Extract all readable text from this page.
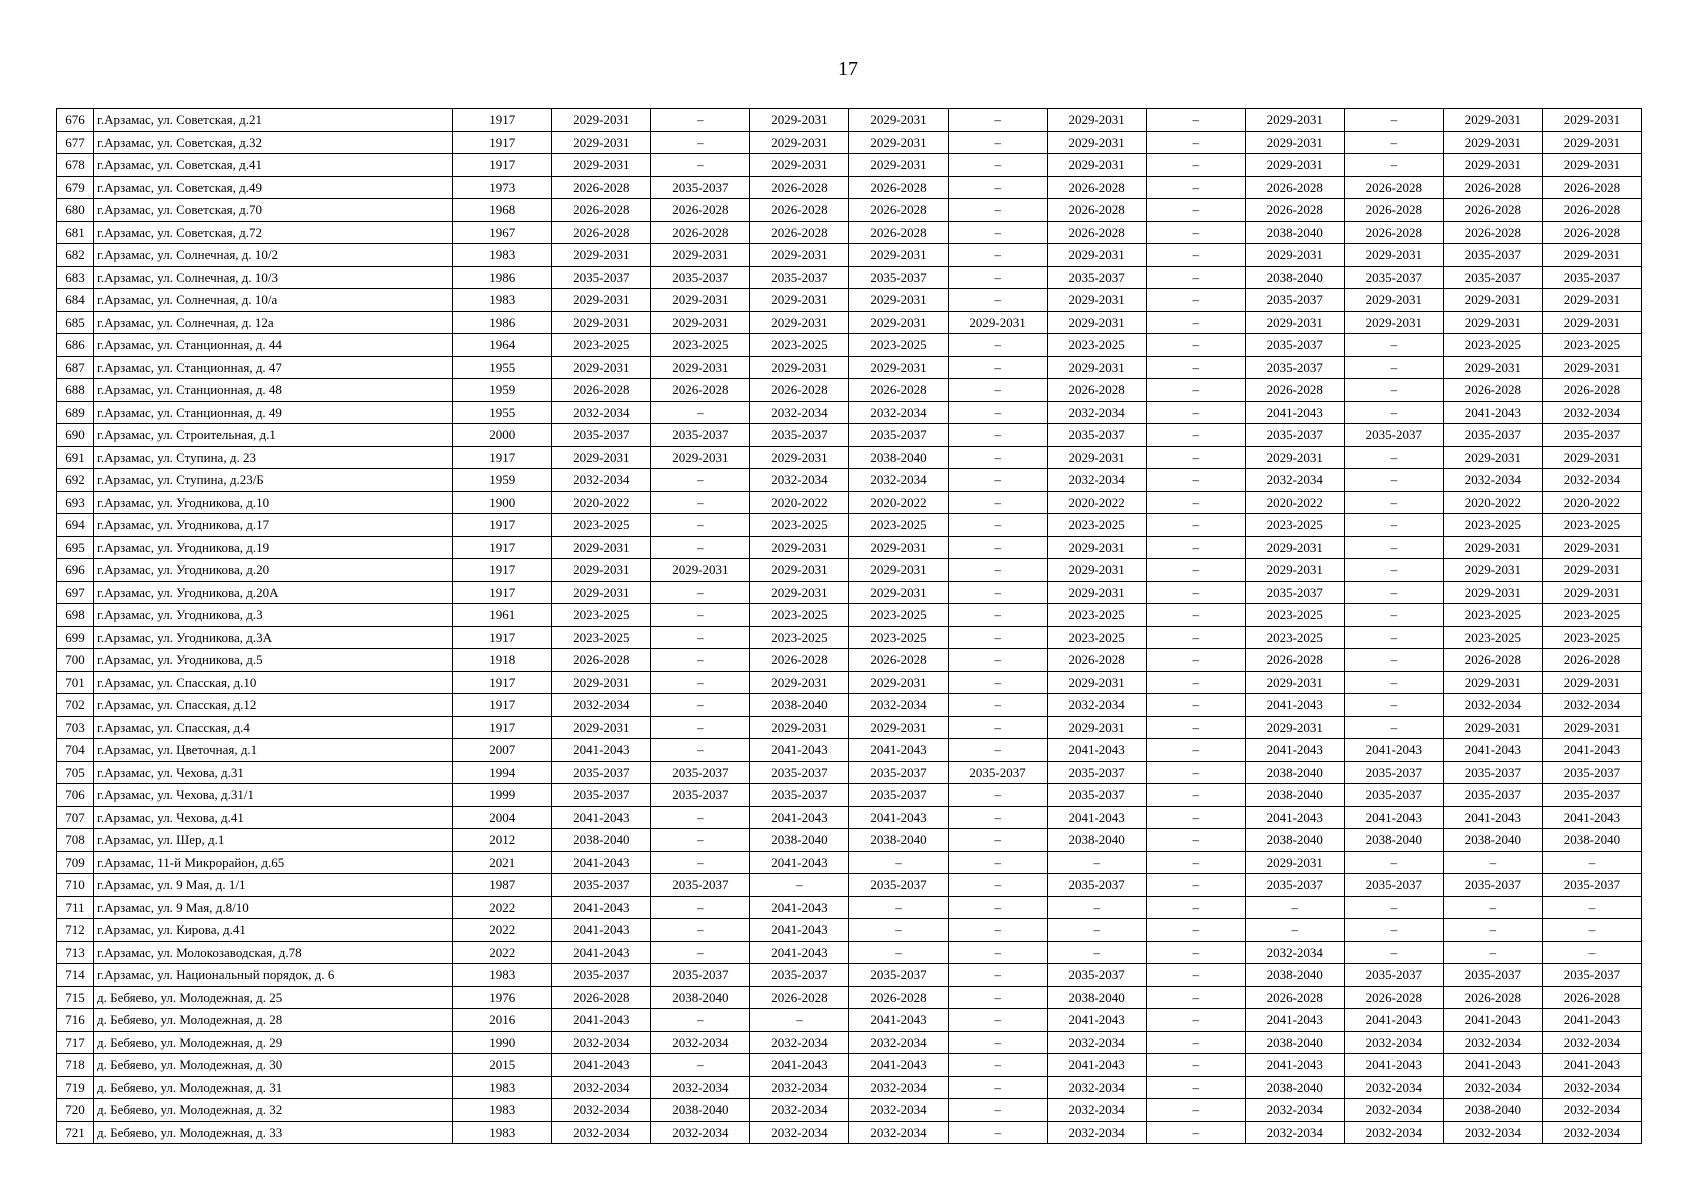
17
676	г.Арзамас, ул. Советская, д.21	1917	2029-2031	–	2029-2031	2029-2031	–	2029-2031	–	2029-2031	–	2029-2031	2029-2031
677	г.Арзамас, ул. Советская, д.32	1917	2029-2031	–	2029-2031	2029-2031	–	2029-2031	–	2029-2031	–	2029-2031	2029-2031
678	г.Арзамас, ул. Советская, д.41	1917	2029-2031	–	2029-2031	2029-2031	–	2029-2031	–	2029-2031	–	2029-2031	2029-2031
679	г.Арзамас, ул. Советская, д.49	1973	2026-2028	2035-2037	2026-2028	2026-2028	–	2026-2028	–	2026-2028	2026-2028	2026-2028	2026-2028
680	г.Арзамас, ул. Советская, д.70	1968	2026-2028	2026-2028	2026-2028	2026-2028	–	2026-2028	–	2026-2028	2026-2028	2026-2028	2026-2028
681	г.Арзамас, ул. Советская, д.72	1967	2026-2028	2026-2028	2026-2028	2026-2028	–	2026-2028	–	2038-2040	2026-2028	2026-2028	2026-2028
682	г.Арзамас, ул. Солнечная, д. 10/2	1983	2029-2031	2029-2031	2029-2031	2029-2031	–	2029-2031	–	2029-2031	2029-2031	2035-2037	2029-2031
683	г.Арзамас, ул. Солнечная, д. 10/3	1986	2035-2037	2035-2037	2035-2037	2035-2037	–	2035-2037	–	2038-2040	2035-2037	2035-2037	2035-2037
684	г.Арзамас, ул. Солнечная, д. 10/а	1983	2029-2031	2029-2031	2029-2031	2029-2031	–	2029-2031	–	2035-2037	2029-2031	2029-2031	2029-2031
685	г.Арзамас, ул. Солнечная, д. 12а	1986	2029-2031	2029-2031	2029-2031	2029-2031	2029-2031	2029-2031	–	2029-2031	2029-2031	2029-2031	2029-2031
686	г.Арзамас, ул. Станционная, д. 44	1964	2023-2025	2023-2025	2023-2025	2023-2025	–	2023-2025	–	2035-2037	–	2023-2025	2023-2025
687	г.Арзамас, ул. Станционная, д. 47	1955	2029-2031	2029-2031	2029-2031	2029-2031	–	2029-2031	–	2035-2037	–	2029-2031	2029-2031
688	г.Арзамас, ул. Станционная, д. 48	1959	2026-2028	2026-2028	2026-2028	2026-2028	–	2026-2028	–	2026-2028	–	2026-2028	2026-2028
689	г.Арзамас, ул. Станционная, д. 49	1955	2032-2034	–	2032-2034	2032-2034	–	2032-2034	–	2041-2043	–	2041-2043	2032-2034
690	г.Арзамас, ул. Строительная, д.1	2000	2035-2037	2035-2037	2035-2037	2035-2037	–	2035-2037	–	2035-2037	2035-2037	2035-2037	2035-2037
691	г.Арзамас, ул. Ступина, д. 23	1917	2029-2031	2029-2031	2029-2031	2038-2040	–	2029-2031	–	2029-2031	–	2029-2031	2029-2031
692	г.Арзамас, ул. Ступина, д.23/Б	1959	2032-2034	–	2032-2034	2032-2034	–	2032-2034	–	2032-2034	–	2032-2034	2032-2034
693	г.Арзамас, ул. Угодникова, д.10	1900	2020-2022	–	2020-2022	2020-2022	–	2020-2022	–	2020-2022	–	2020-2022	2020-2022
694	г.Арзамас, ул. Угодникова, д.17	1917	2023-2025	–	2023-2025	2023-2025	–	2023-2025	–	2023-2025	–	2023-2025	2023-2025
695	г.Арзамас, ул. Угодникова, д.19	1917	2029-2031	–	2029-2031	2029-2031	–	2029-2031	–	2029-2031	–	2029-2031	2029-2031
696	г.Арзамас, ул. Угодникова, д.20	1917	2029-2031	2029-2031	2029-2031	2029-2031	–	2029-2031	–	2029-2031	–	2029-2031	2029-2031
697	г.Арзамас, ул. Угодникова, д.20А	1917	2029-2031	–	2029-2031	2029-2031	–	2029-2031	–	2035-2037	–	2029-2031	2029-2031
698	г.Арзамас, ул. Угодникова, д.3	1961	2023-2025	–	2023-2025	2023-2025	–	2023-2025	–	2023-2025	–	2023-2025	2023-2025
699	г.Арзамас, ул. Угодникова, д.3А	1917	2023-2025	–	2023-2025	2023-2025	–	2023-2025	–	2023-2025	–	2023-2025	2023-2025
700	г.Арзамас, ул. Угодникова, д.5	1918	2026-2028	–	2026-2028	2026-2028	–	2026-2028	–	2026-2028	–	2026-2028	2026-2028
701	г.Арзамас, ул. Спасская, д.10	1917	2029-2031	–	2029-2031	2029-2031	–	2029-2031	–	2029-2031	–	2029-2031	2029-2031
702	г.Арзамас, ул. Спасская, д.12	1917	2032-2034	–	2038-2040	2032-2034	–	2032-2034	–	2041-2043	–	2032-2034	2032-2034
703	г.Арзамас, ул. Спасская, д.4	1917	2029-2031	–	2029-2031	2029-2031	–	2029-2031	–	2029-2031	–	2029-2031	2029-2031
704	г.Арзамас, ул. Цветочная, д.1	2007	2041-2043	–	2041-2043	2041-2043	–	2041-2043	–	2041-2043	2041-2043	2041-2043	2041-2043
705	г.Арзамас, ул. Чехова, д.31	1994	2035-2037	2035-2037	2035-2037	2035-2037	2035-2037	2035-2037	–	2038-2040	2035-2037	2035-2037	2035-2037
706	г.Арзамас, ул. Чехова, д.31/1	1999	2035-2037	2035-2037	2035-2037	2035-2037	–	2035-2037	–	2038-2040	2035-2037	2035-2037	2035-2037
707	г.Арзамас, ул. Чехова, д.41	2004	2041-2043	–	2041-2043	2041-2043	–	2041-2043	–	2041-2043	2041-2043	2041-2043	2041-2043
708	г.Арзамас, ул. Шер, д.1	2012	2038-2040	–	2038-2040	2038-2040	–	2038-2040	–	2038-2040	2038-2040	2038-2040	2038-2040
709	г.Арзамас, 11-й Микрорайон, д.65	2021	2041-2043	–	2041-2043	–	–	–	–	2029-2031	–	–	–
710	г.Арзамас, ул. 9 Мая, д. 1/1	1987	2035-2037	2035-2037	–	2035-2037	–	2035-2037	–	2035-2037	2035-2037	2035-2037	2035-2037
711	г.Арзамас, ул. 9 Мая, д.8/10	2022	2041-2043	–	2041-2043	–	–	–	–	–	–	–	–
712	г.Арзамас, ул. Кирова, д.41	2022	2041-2043	–	2041-2043	–	–	–	–	–	–	–	–
713	г.Арзамас, ул. Молокозаводская, д.78	2022	2041-2043	–	2041-2043	–	–	–	–	2032-2034	–	–	–
714	г.Арзамас, ул. Национальный порядок, д. 6	1983	2035-2037	2035-2037	2035-2037	2035-2037	–	2035-2037	–	2038-2040	2035-2037	2035-2037	2035-2037
715	д. Бебяево, ул. Молодежная, д. 25	1976	2026-2028	2038-2040	2026-2028	2026-2028	–	2038-2040	–	2026-2028	2026-2028	2026-2028	2026-2028
716	д. Бебяево, ул. Молодежная, д. 28	2016	2041-2043	–	–	2041-2043	–	2041-2043	–	2041-2043	2041-2043	2041-2043	2041-2043
717	д. Бебяево, ул. Молодежная, д. 29	1990	2032-2034	2032-2034	2032-2034	2032-2034	–	2032-2034	–	2038-2040	2032-2034	2032-2034	2032-2034
718	д. Бебяево, ул. Молодежная, д. 30	2015	2041-2043	–	2041-2043	2041-2043	–	2041-2043	–	2041-2043	2041-2043	2041-2043	2041-2043
719	д. Бебяево, ул. Молодежная, д. 31	1983	2032-2034	2032-2034	2032-2034	2032-2034	–	2032-2034	–	2038-2040	2032-2034	2032-2034	2032-2034
720	д. Бебяево, ул. Молодежная, д. 32	1983	2032-2034	2038-2040	2032-2034	2032-2034	–	2032-2034	–	2032-2034	2032-2034	2038-2040	2032-2034
721	д. Бебяево, ул. Молодежная, д. 33	1983	2032-2034	2032-2034	2032-2034	2032-2034	–	2032-2034	–	2032-2034	2032-2034	2032-2034	2032-2034
